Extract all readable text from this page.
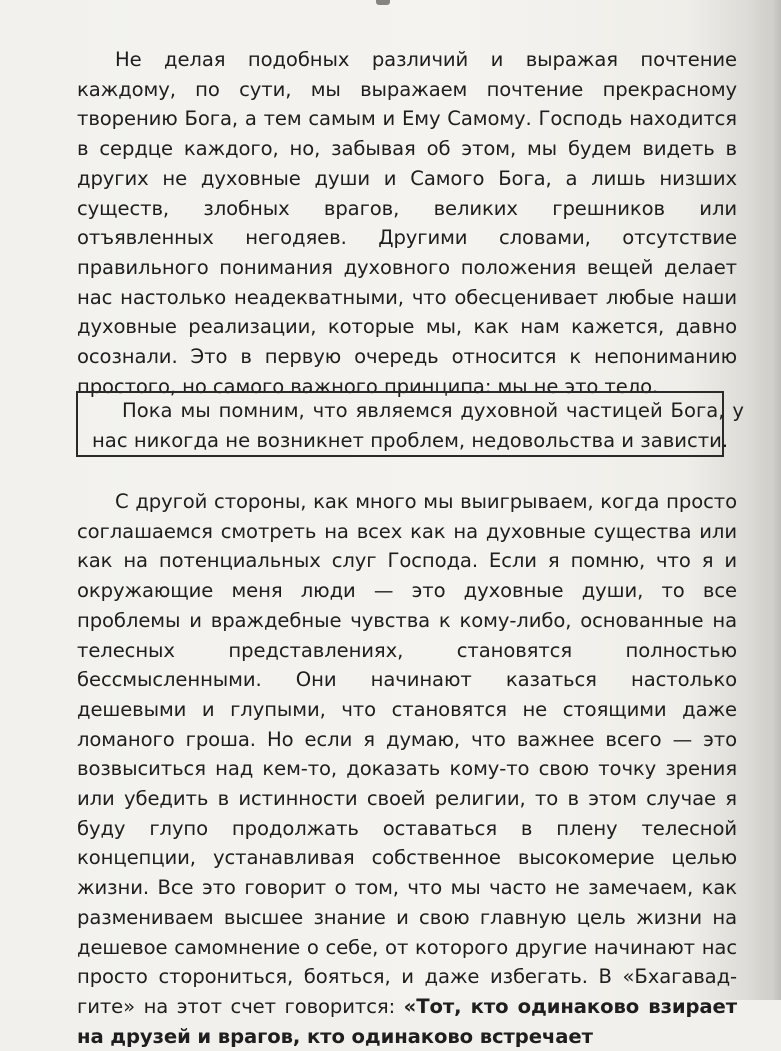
Не делая подобных различий и выражая почтение каждому, по сути, мы выражаем почтение прекрасному творению Бога, а тем самым и Ему Самому. Господь находится в сердце каждого, но, забывая об этом, мы будем видеть в других не духовные души и Самого Бога, а лишь низших существ, злобных врагов, великих грешников или отъявленных негодяев. Другими словами, отсутствие правильного понимания духовного положения вещей делает нас настолько неадекватными, что обесценивает любые наши духовные реализации, которые мы, как нам кажется, давно осознали. Это в первую очередь относится к непониманию простого, но самого важного принципа: мы не это тело.

Пока мы помним, что являемся духовной частицей Бога, у нас никогда не возникнет проблем, недовольства и зависти.

С другой стороны, как много мы выигрываем, когда просто соглашаемся смотреть на всех как на духовные существа или как на потенциальных слуг Господа. Если я помню, что я и окружающие меня люди — это духовные души, то все проблемы и враждебные чувства к кому-либо, основанные на телесных представлениях, становятся полностью бессмысленными. Они начинают казаться настолько дешевыми и глупыми, что становятся не стоящими даже ломаного гроша. Но если я думаю, что важнее всего — это возвыситься над кем-то, доказать кому-то свою точку зрения или убедить в истинности своей религии, то в этом случае я буду глупо продолжать оставаться в плену телесной концепции, устанавливая собственное высокомерие целью жизни. Все это говорит о том, что мы часто не замечаем, как размениваем высшее знание и свою главную цель жизни на дешевое самомнение о себе, от которого другие начинают нас просто сторониться, бояться, и даже избегать. В «Бхагавад-гите» на этот счет говорится: «Тот, кто одинаково взирает на друзей и врагов, кто одинаково встречает
